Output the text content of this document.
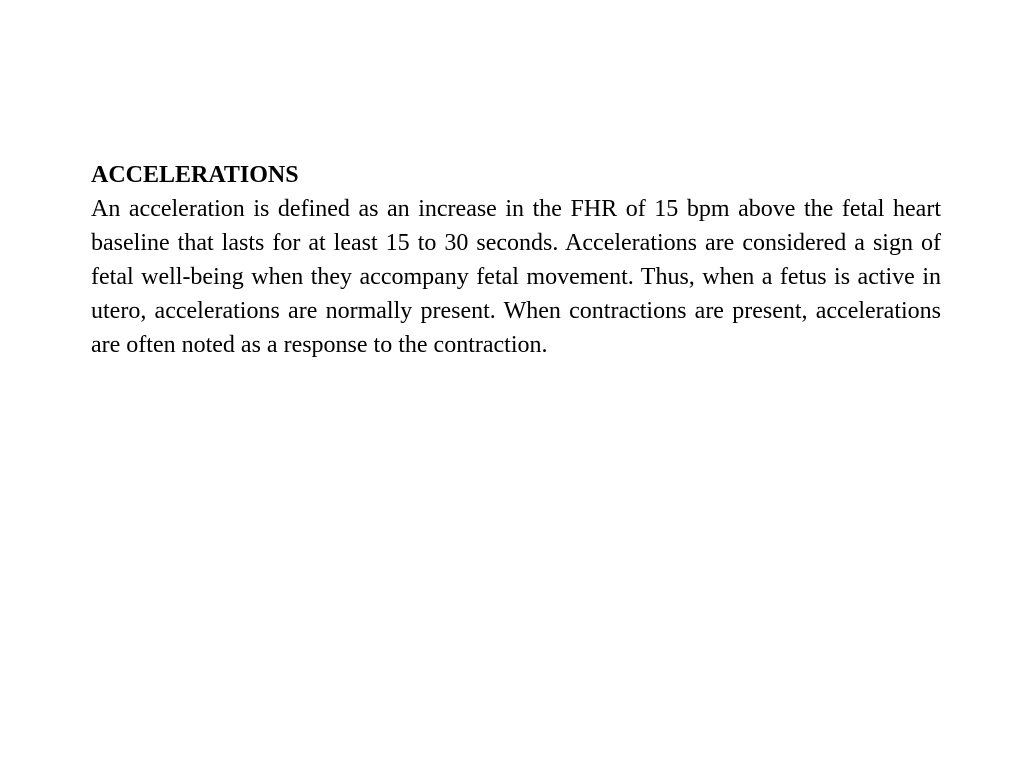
ACCELERATIONS

An acceleration is defined as an increase in the FHR of 15 bpm above the fetal heart baseline that lasts for at least 15 to 30 seconds. Accelerations are considered a sign of fetal well-being when they accompany fetal movement. Thus, when a fetus is active in utero, accelerations are normally present. When contractions are present, accelerations are often noted as a response to the contraction.
